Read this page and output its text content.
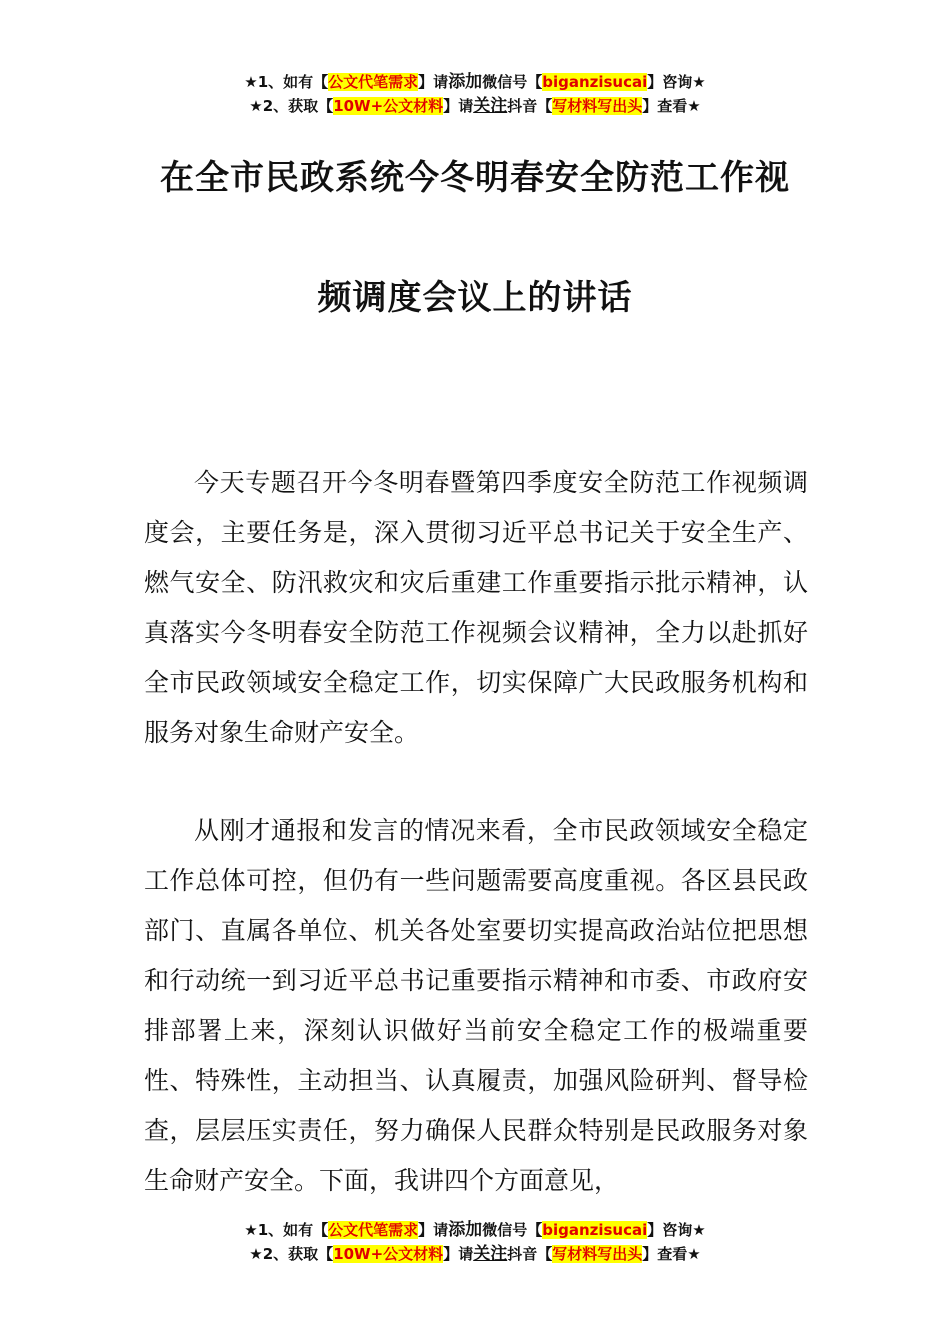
★1、如有【公文代笔需求】请添加微信号【biganzisucai】咨询★
★2、获取【10W+公文材料】请关注抖音【写材料写出头】查看★
在全市民政系统今冬明春安全防范工作视
频调度会议上的讲话

今天专题召开今冬明春暨第四季度安全防范工作视频调度会，主要任务是，深入贯彻习近平总书记关于安全生产、燃气安全、防汛救灾和灾后重建工作重要指示批示精神，认真落实今冬明春安全防范工作视频会议精神，全力以赴抓好全市民政领域安全稳定工作，切实保障广大民政服务机构和服务对象生命财产安全。

从刚才通报和发言的情况来看，全市民政领域安全稳定工作总体可控，但仍有一些问题需要高度重视。各区县民政部门、直属各单位、机关各处室要切实提高政治站位把思想和行动统一到习近平总书记重要指示精神和市委、市政府安排部署上来，深刻认识做好当前安全稳定工作的极端重要性、特殊性，主动担当、认真履责，加强风险研判、督导检查，层层压实责任，努力确保人民群众特别是民政服务对象生命财产安全。下面，我讲四个方面意见，

★1、如有【公文代笔需求】请添加微信号【biganzisucai】咨询★
★2、获取【10W+公文材料】请关注抖音【写材料写出头】查看★
